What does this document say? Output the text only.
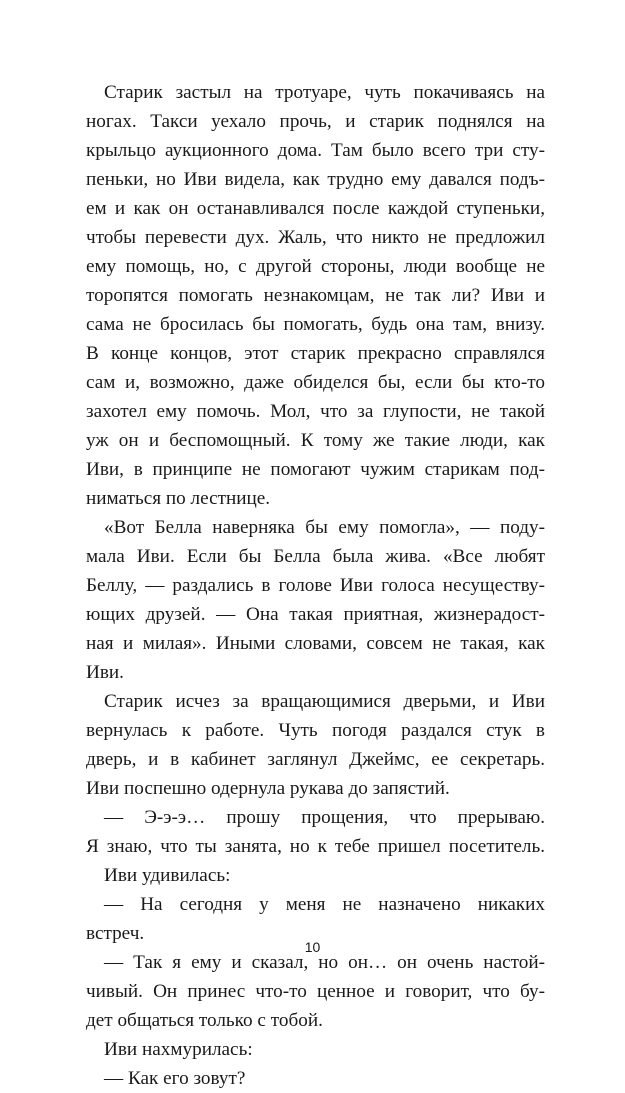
Старик застыл на тротуаре, чуть покачиваясь на
ногах. Такси уехало прочь, и старик поднялся на
крыльцо аукционного дома. Там было всего три сту-
пеньки, но Иви видела, как трудно ему давался подъ-
ем и как он останавливался после каждой ступеньки,
чтобы перевести дух. Жаль, что никто не предложил
ему помощь, но, с другой стороны, люди вообще не
торопятся помогать незнакомцам, не так ли? Иви и
сама не бросилась бы помогать, будь она там, внизу.
В конце концов, этот старик прекрасно справлялся
сам и, возможно, даже обиделся бы, если бы кто-то
захотел ему помочь. Мол, что за глупости, не такой
уж он и беспомощный. К тому же такие люди, как
Иви, в принципе не помогают чужим старикам под-
ниматься по лестнице.
«Вот Белла наверняка бы ему помогла», — поду-
мала Иви. Если бы Белла была жива. «Все любят
Беллу, — раздались в голове Иви голоса несуществу-
ющих друзей. — Она такая приятная, жизнерадост-
ная и милая». Иными словами, совсем не такая, как
Иви.
Старик исчез за вращающимися дверьми, и Иви
вернулась к работе. Чуть погодя раздался стук в
дверь, и в кабинет заглянул Джеймс, ее секретарь.
Иви поспешно одернула рукава до запястий.
— Э-э-э… прошу прощения, что прерываю.
Я знаю, что ты занята, но к тебе пришел посетитель.
Иви удивилась:
— На сегодня у меня не назначено никаких
встреч.
— Так я ему и сказал, но он… он очень настой-
чивый. Он принес что-то ценное и говорит, что бу-
дет общаться только с тобой.
Иви нахмурилась:
— Как его зовут?
10
